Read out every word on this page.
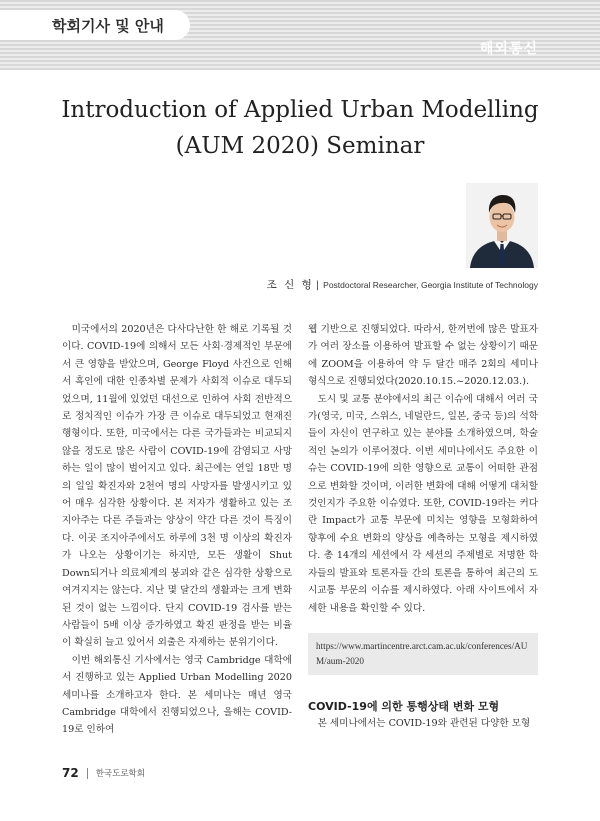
학회기사 및 안내
해외통신
Introduction of Applied Urban Modelling
(AUM 2020) Seminar
조 신 형 | Postdoctoral Researcher, Georgia Institute of Technology

미국에서의 2020년은 다사다난한 한 해로 기록될 것이다. COVID-19에 의해서 모든 사회·경제적인 부문에서 큰 영향을 받았으며, George Floyd 사건으로 인해서 흑인에 대한 인종차별 문제가 사회적 이슈로 대두되었으며, 11월에 있었던 대선으로 인하여 사회 전반적으로 정치적인 이슈가 가장 큰 이슈로 대두되었고 현재진행형이다. 또한, 미국에서는 다른 국가들과는 비교되지 않을 정도로 많은 사람이 COVID-19에 감염되고 사망하는 일이 많이 벌어지고 있다. 최근에는 연일 18만 명의 일일 확진자와 2천여 명의 사망자를 발생시키고 있어 매우 심각한 상황이다. 본 저자가 생활하고 있는 조지아주는 다른 주들과는 양상이 약간 다른 것이 특징이다. 이곳 조지아주에서도 하루에 3천 명 이상의 확진자가 나오는 상황이기는 하지만, 모든 생활이 Shut Down되거나 의료체계의 붕괴와 같은 심각한 상황으로 여겨지지는 않는다. 지난 몇 달간의 생활과는 크게 변화된 것이 없는 느낌이다. 단지 COVID-19 검사를 받는 사람들이 5배 이상 증가하였고 확진 판정을 받는 비율이 확실히 늘고 있어서 외출은 자제하는 분위기이다.

이번 해외통신 기사에서는 영국 Cambridge 대학에서 진행하고 있는 Applied Urban Modelling 2020 세미나를 소개하고자 한다. 본 세미나는 매년 영국 Cambridge 대학에서 진행되었으나, 올해는 COVID-19로 인하여

웹 기반으로 진행되었다. 따라서, 한꺼번에 많은 발표자가 여러 장소를 이용하여 발표할 수 없는 상황이기 때문에 ZOOM을 이용하여 약 두 달간 매주 2회의 세미나 형식으로 진행되었다(2020.10.15.~2020.12.03.).

도시 및 교통 분야에서의 최근 이슈에 대해서 여러 국가(영국, 미국, 스위스, 네덜란드, 일본, 중국 등)의 석학들이 자신이 연구하고 있는 분야를 소개하였으며, 학술적인 논의가 이루어졌다. 이번 세미나에서도 주요한 이슈는 COVID-19에 의한 영향으로 교통이 어떠한 관점으로 변화할 것이며, 이러한 변화에 대해 어떻게 대처할 것인지가 주요한 이슈였다. 또한, COVID-19라는 커다란 Impact가 교통 부문에 미치는 영향을 모형화하여 향후에 수요 변화의 양상을 예측하는 모형을 제시하였다. 총 14개의 세션에서 각 세션의 주제별로 저명한 학자들의 발표와 토론자들 간의 토론을 통하여 최근의 도시교통 부문의 이슈를 제시하였다. 아래 사이트에서 자세한 내용을 확인할 수 있다.

https://www.martincentre.arct.cam.ac.uk/conferences/AUM/aum-2020
COVID-19에 의한 통행상태 변화 모형

본 세미나에서는 COVID-19와 관련된 다양한 모형

72 한국도로학회
